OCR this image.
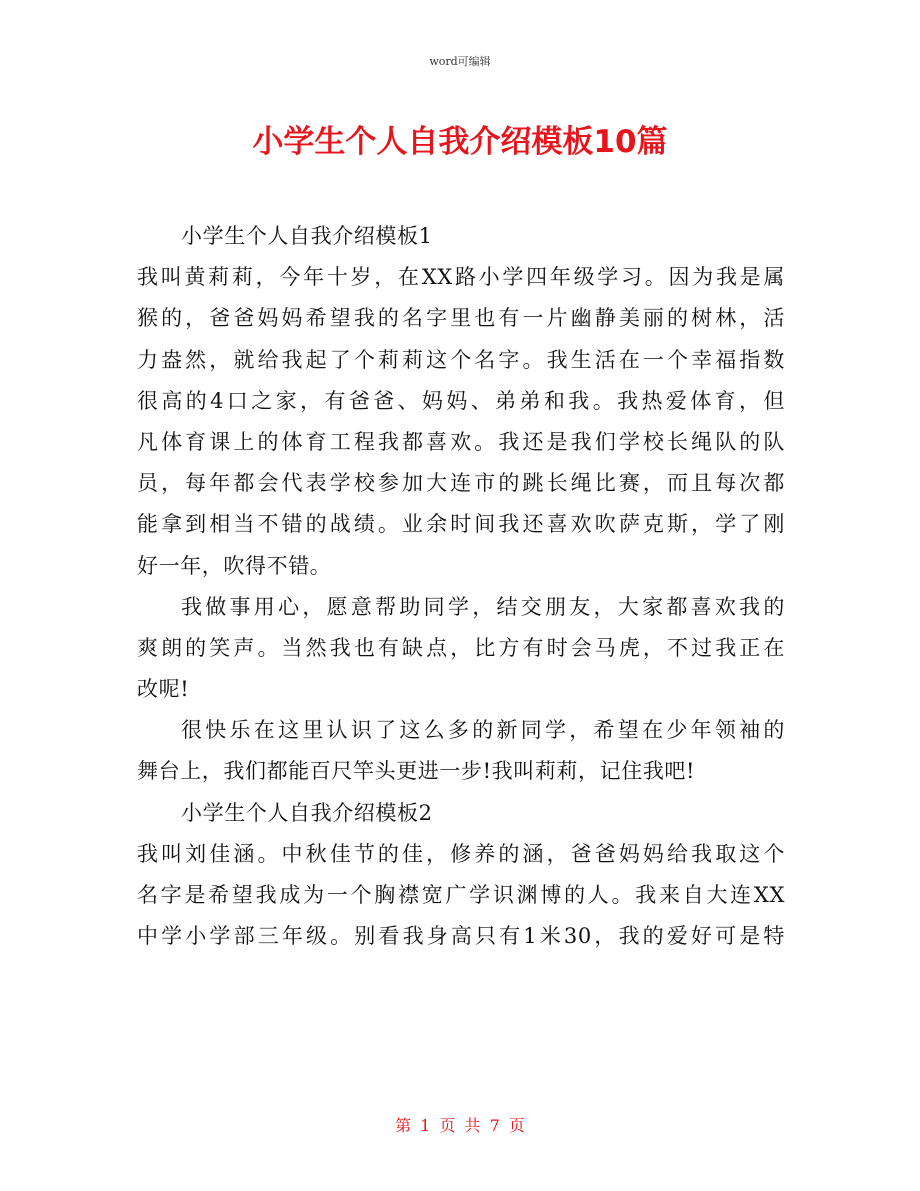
word可编辑
小学生个人自我介绍模板10篇
小学生个人自我介绍模板1
我叫黄莉莉，今年十岁，在XX路小学四年级学习。因为我是属
猴的，爸爸妈妈希望我的名字里也有一片幽静美丽的树林，活
力盎然，就给我起了个莉莉这个名字。我生活在一个幸福指数
很高的4口之家，有爸爸、妈妈、弟弟和我。我热爱体育，但
凡体育课上的体育工程我都喜欢。我还是我们学校长绳队的队
员，每年都会代表学校参加大连市的跳长绳比赛，而且每次都
能拿到相当不错的战绩。业余时间我还喜欢吹萨克斯，学了刚
好一年，吹得不错。
我做事用心，愿意帮助同学，结交朋友，大家都喜欢我的
爽朗的笑声。当然我也有缺点，比方有时会马虎，不过我正在
改呢!
很快乐在这里认识了这么多的新同学，希望在少年领袖的
舞台上，我们都能百尺竿头更进一步!我叫莉莉，记住我吧!
小学生个人自我介绍模板2
我叫刘佳涵。中秋佳节的佳，修养的涵，爸爸妈妈给我取这个
名字是希望我成为一个胸襟宽广学识渊博的人。我来自大连XX
中学小学部三年级。别看我身高只有1米30，我的爱好可是特
第 1 页 共 7 页
